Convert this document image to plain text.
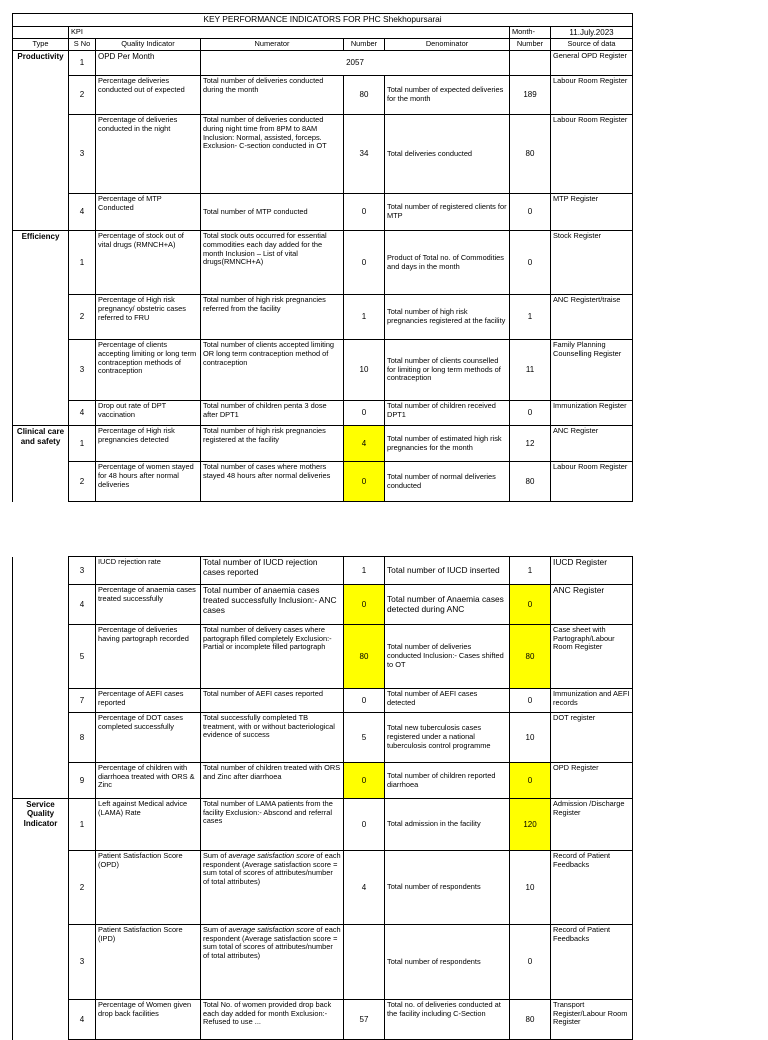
KEY PERFORMANCE INDICATORS FOR PHC Shekhopursarai							
	KPI					Month-	11.July.2023
Type	S No	Quality Indicator	Numerator	Number	Denominator	Number	Source of data
Productivity	1	OPD Per Month	2057				General OPD Register
	2	Percentage deliveries conducted out of expected	Total number of deliveries conducted during the month	80	Total number of expected deliveries for the month	189	Labour Room Register
	3	Percentage of deliveries conducted in the night	Total number of deliveries conducted during night time from 8PM to 8AM Inclusion: Normal, assisted, forceps. Exclusion- C-section conducted in OT	34	Total deliveries conducted	80	Labour Room Register
	4	Percentage of MTP Conducted	Total number of MTP conducted	0	Total number of registered clients for MTP	0	MTP Register
Efficiency	1	Percentage of stock out of vital drugs (RMNCH+A)	Total stock outs occurred for essential commodities each day added for the month Inclusion – List of vital drugs(RMNCH+A)	0	Product of Total no. of Commodities and days in the month	0	Stock Register
	2	Percentage of High risk pregnancy/ obstetric cases referred to FRU	Total number of high risk pregnancies referred from the facility	1	Total number of high risk pregnancies registered at the facility	1	ANC Registert/traise
	3	Percentage of clients accepting limiting or long term contraception methods of contraception	Total number of clients accepted limiting OR long term contraception method of contraception	10	Total number of clients counselled for limiting or long term methods of contraception	11	Family Planning Counselling Register
	4	Drop out rate of DPT vaccination	Total number of children penta 3 dose after DPT1	0	Total number of children received DPT1	0	Immunization Register
Clinical care and safety	1	Percentage of High risk pregnancies detected	Total number of high risk pregnancies registered at the facility	4	Total number of estimated high risk pregnancies for the month	12	ANC Register
	2	Percentage of women stayed for 48 hours after normal deliveries	Total number of cases where mothers stayed 48 hours after normal deliveries	0	Total number of normal deliveries conducted	80	Labour Room Register
	3	IUCD rejection rate	Total number of IUCD rejection cases reported	1	Total number of IUCD inserted	1	IUCD Register
	4	Percentage of anaemia cases treated successfully	Total number of anaemia cases treated successfully Inclusion:- ANC cases	0	Total number of Anaemia cases detected during ANC	0	ANC Register
	5	Percentage of deliveries having partograph recorded	Total number of delivery cases where partograph filled completely Exclusion:- Partial or incomplete filled partograph	80	Total number of deliveries conducted Inclusion:- Cases shifted to OT	80	Case sheet with Partograph/Labour Room Register
	7	Percentage of AEFI cases reported	Total number of AEFI cases reported	0	Total number of AEFI cases detected	0	Immunization and AEFI records
	8	Percentage of DOT cases completed successfully	Total successfully completed TB treatment, with or without bacteriological evidence of success	5	Total new tuberculosis cases registered under a national tuberculosis control programme	10	DOT register
	9	Percentage of children with diarrhoea treated with ORS & Zinc	Total number of children treated with ORS and Zinc after diarrhoea	0	Total number of children reported diarrhoea	0	OPD Register
Service Quality Indicator	1	Left against Medical advice (LAMA) Rate	Total number of LAMA patients from the facility Exclusion:- Abscond and referral cases	0	Total admission in the facility	120	Admission /Discharge Register
	2	Patient Satisfaction Score (OPD)	Sum of average satisfaction score of each respondent (Average satisfaction score = sum total of scores of attributes/number of total attributes)	4	Total number of respondents	10	Record of Patient Feedbacks
	3	Patient Satisfaction Score (IPD)	Sum of average satisfaction score of each respondent (Average satisfaction score = sum total of scores of attributes/number of total attributes)		Total number of respondents	0	Record of Patient Feedbacks
	4	Percentage of Women given drop back facilities	Total No. of women provided drop back each day added for month Exclusion:- Refused to use ...	57	Total no. of deliveries conducted at the facility including C-Section	80	Transport Register/Labour Room Register
